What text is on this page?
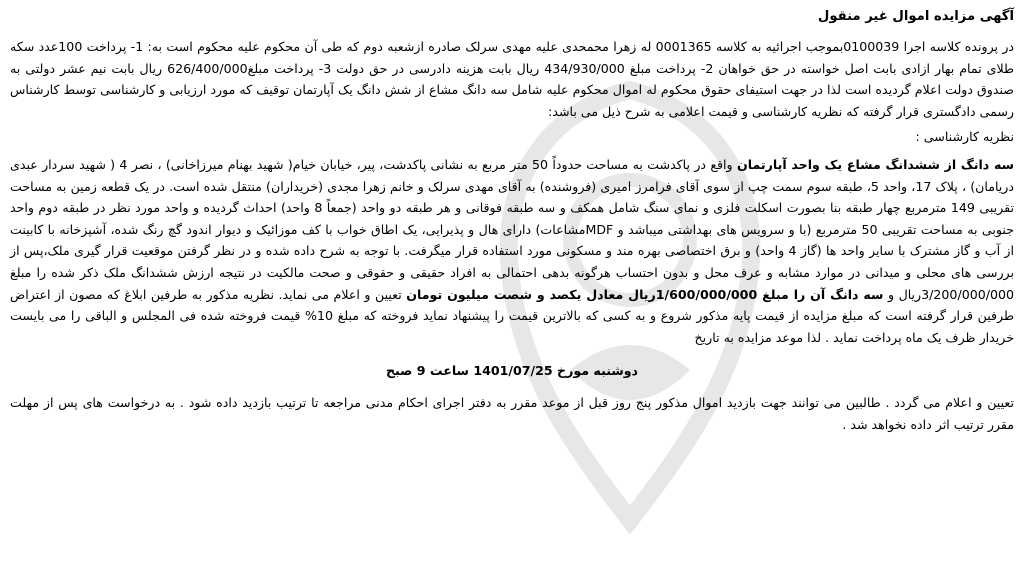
آگهی مزایده اموال غیر منقول

در پرونده کلاسه اجرا 0100039بموجب اجرائیه به کلاسه 0001365 له زهرا محمحدی علیه مهدی سرلک صادره ازشعبه دوم که طی آن محکوم علیه محکوم است به: 1- پرداخت 100عدد سکه طلای تمام بهار ازادی بابت اصل خواسته در حق خواهان 2- پرداخت مبلغ 434/930/000 ریال بابت هزینه دادرسی در حق دولت 3- پرداخت مبلغ626/400/000 ریال بابت نیم عشر دولتی به صندوق دولت اعلام گردیده است لذا در جهت استیفای حقوق محکوم له اموال محکوم علیه شامل سه دانگ مشاع از شش دانگ یک آپارتمان توقیف که مورد ارزیابی و کارشناسی توسط کارشناس رسمی دادگستری قرار گرفته که نظریه کارشناسی و قیمت اعلامی به شرح ذیل می باشد:

نظریه کارشناسی :

سه دانگ از ششدانگ مشاع یک واحد آپارتمان واقع در پاکدشت به مساحت حدوداً 50 متر مربع به نشانی پاکدشت، پیر، خیابان خیام( شهید بهنام میرزاخانی) ، نصر 4 ( شهید سردار عبدی دریامان) ، پلاک 17، واحد 5، طبقه سوم سمت چپ از سوی آقای فرامرز امیری (فروشنده) به آقای مهدی سرلک و خانم زهرا مجدی (خریداران) منتقل شده است. در یک قطعه زمین به مساحت تقریبی 149 مترمربع چهار طبقه بنا بصورت اسکلت فلزی و نمای سنگ شامل همکف و سه طبقه فوقانی و هر طبقه دو واحد (جمعاً 8 واحد) احداث گردیده و واحد مورد نظر در طبقه دوم واحد جنوبی به مساحت تقریبی 50 مترمربع (با و سرویس های بهداشتی میباشد و MDFمشاعات) دارای هال و پذیرایی، یک اطاق خواب با کف موزائیک و دیوار اندود گچ رنگ شده، آشپزخانه با کابینت از آب و گاز مشترک با سایر واحد ها (گاز 4 واحد) و برق اختصاصی بهره مند و مسکونی مورد استفاده قرار میگرفت. با توجه به شرح داده شده و در نظر گرفتن موقعیت قرار گیری ملک،پس از بررسی های محلی و میدانی در موارد مشابه و عرف محل و بدون احتساب هرگونه بدهی احتمالی به افراد حقیقی و حقوقی و صحت مالکیت در نتیجه ارزش ششدانگ ملک ذکر شده را مبلغ 3/200/000/000ریال و سه دانگ آن را مبلغ 1/600/000/000ریال معادل یکصد و شصت میلیون تومان تعیین و اعلام می نماید. نظریه مذکور به طرفین ابلاغ که مصون از اعتراض طرفین قرار گرفته است که مبلغ مزایده از قیمت پایه مذکور شروع و به کسی که بالاترین قیمت را پیشنهاد نماید فروخته که مبلغ 10% قیمت فروخته شده فی المجلس و الباقی را می بایست خریدار ظرف یک ماه پرداخت نماید . لذا موعد مزایده به تاریخ

دوشنبه مورخ 1401/07/25 ساعت 9 صبح

تعیین و اعلام می گردد . طالبین می توانند جهت بازدید اموال مذکور پنج روز قبل از موعد مقرر به دفتر اجرای احکام مدنی مراجعه تا ترتیب بازدید داده شود . به درخواست های پس از مهلت مقرر ترتیب اثر داده نخواهد شد .
